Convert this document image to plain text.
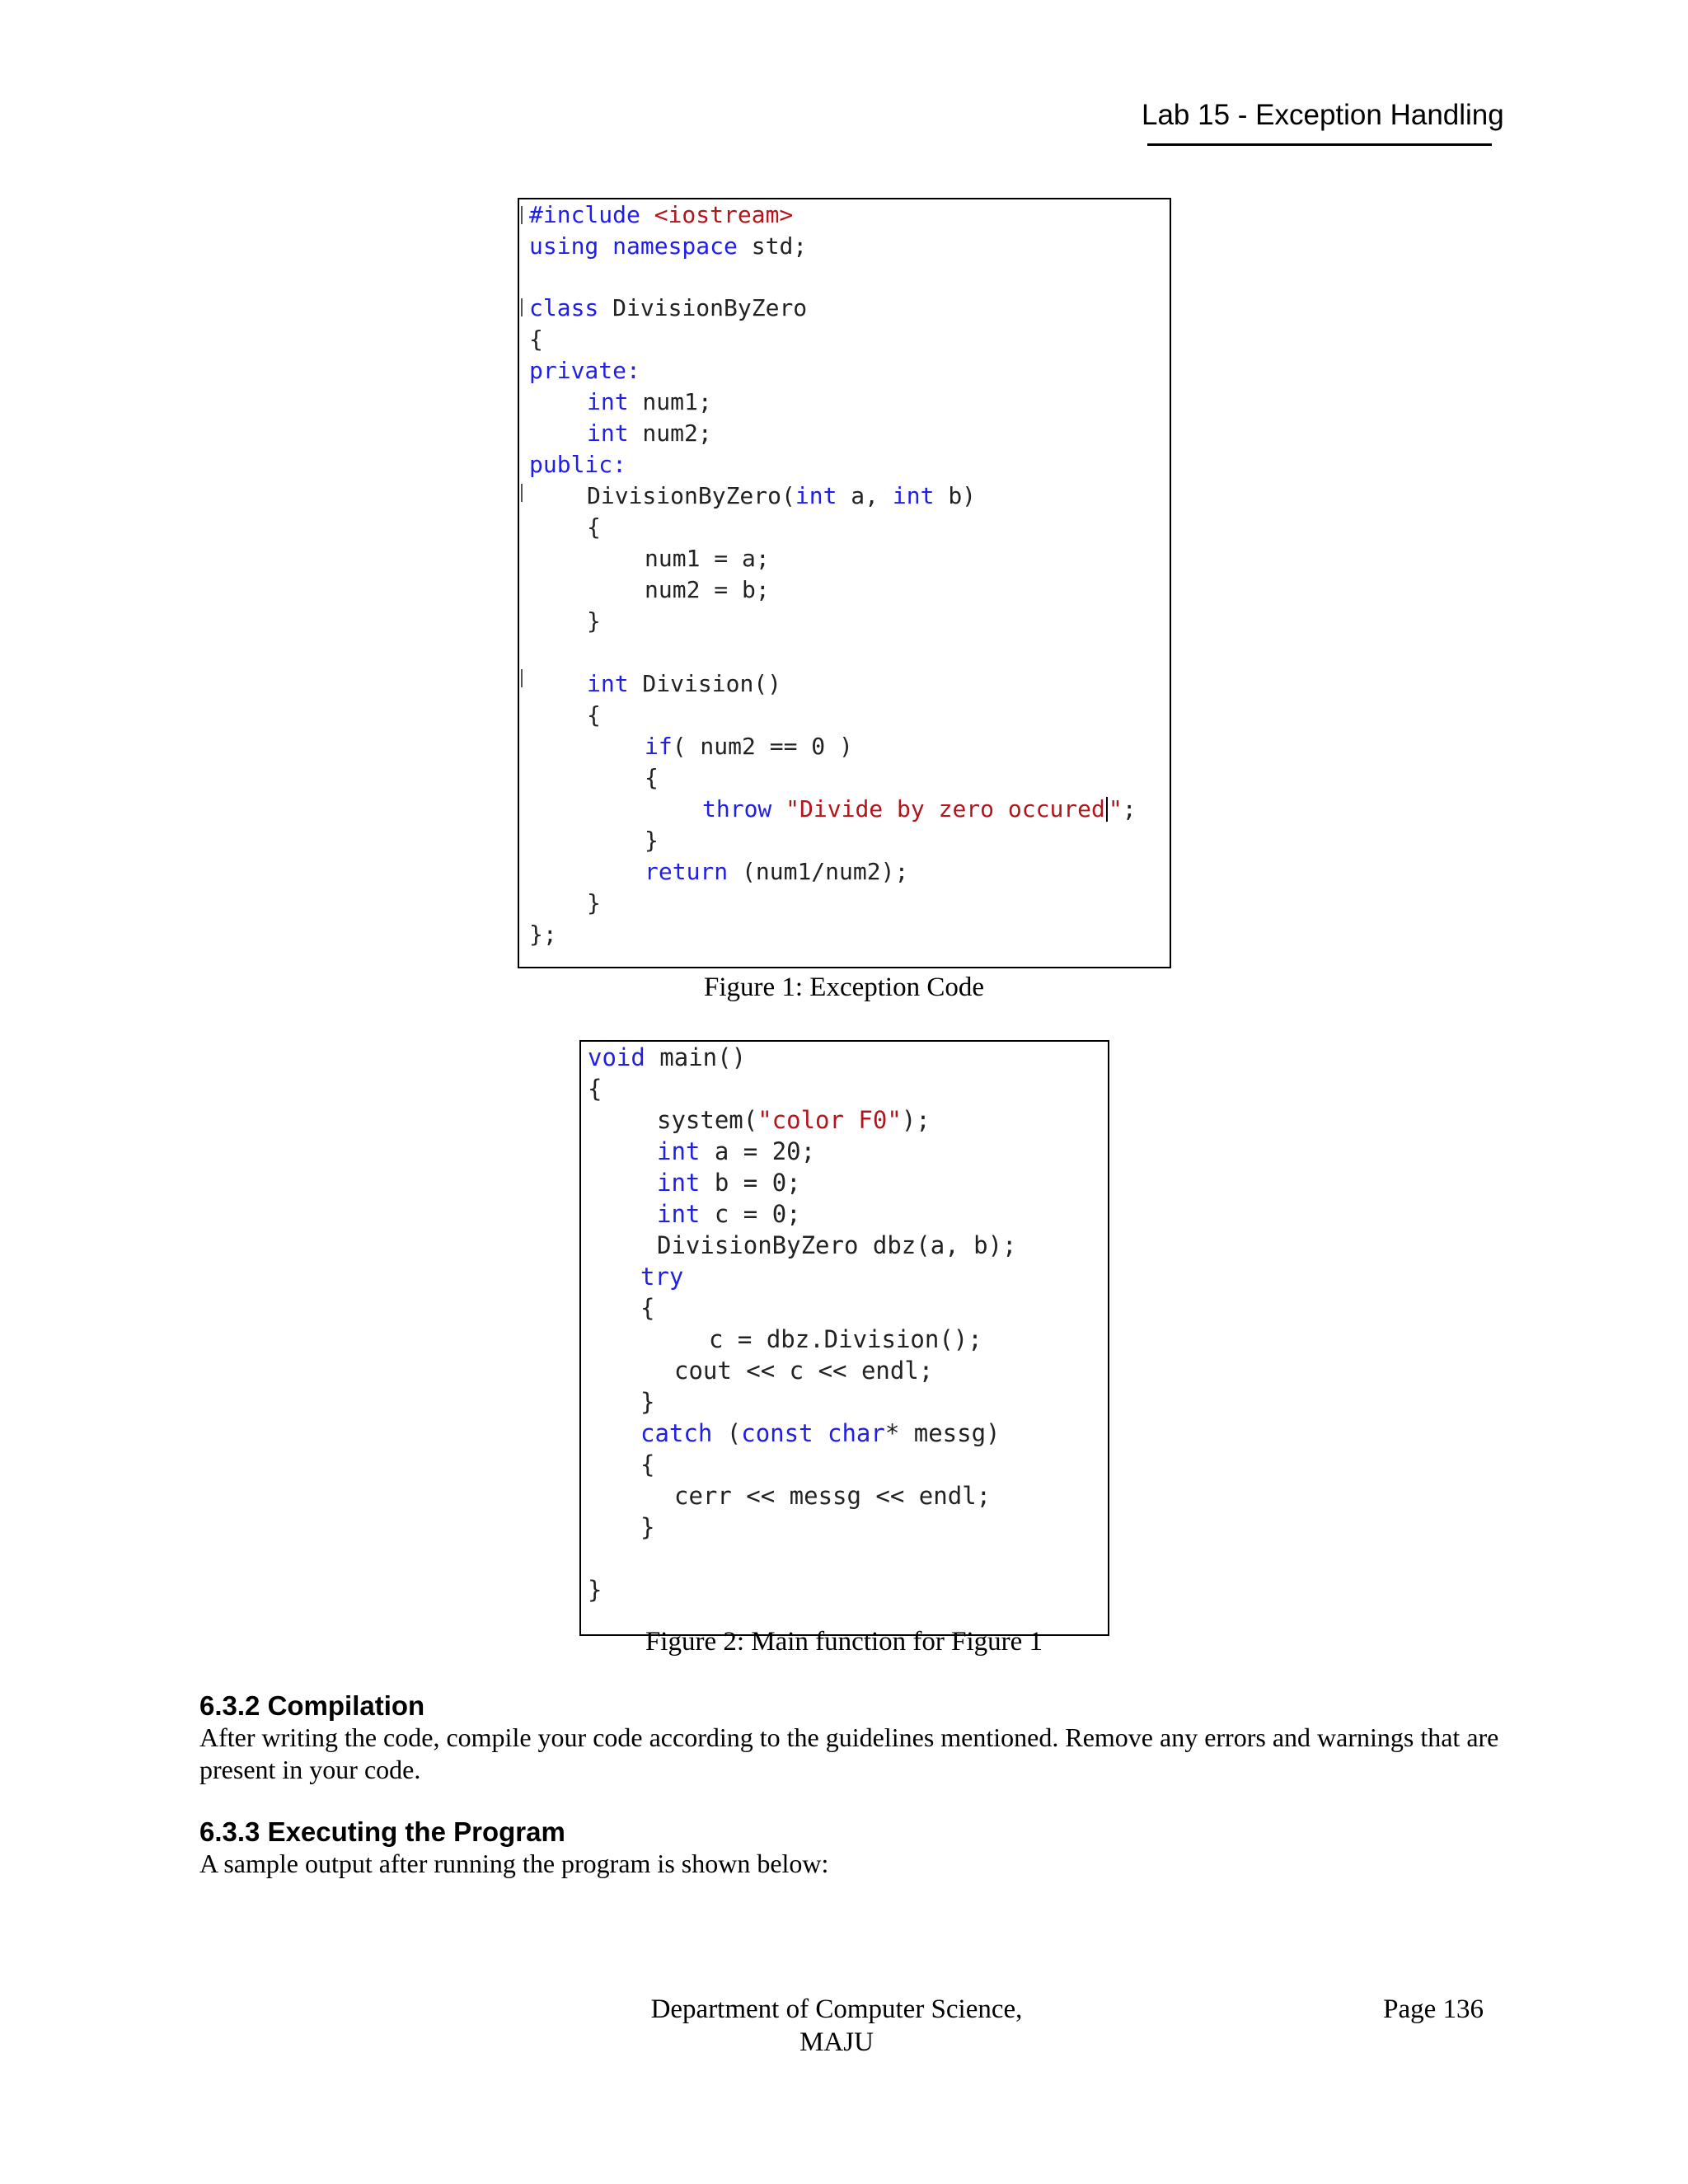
Lab 15 - Exception Handling
#include <iostream>
using namespace std;
class DivisionByZero
{
private:
int num1;
int num2;
public:
DivisionByZero(int a, int b)
{
num1 = a;
num2 = b;
}
int Division()
{
if( num2 == 0 )
{
throw "Divide by zero occured ";
}
return (num1/num2);
}
};
Figure 1: Exception Code
void main()
{
system("color F0");
int a = 20;
int b = 0;
int c = 0;
DivisionByZero dbz(a, b);
try
{
c = dbz.Division();
cout << c << endl;
}
catch (const char* messg)
{
cerr << messg << endl;
}
}
Figure 2: Main function for Figure 1
6.3.2 Compilation
After writing the code, compile your code according to the guidelines mentioned. Remove any errors and warnings that are present in your code.
6.3.3 Executing the Program
A sample output after running the program is shown below:
Department of Computer Science,
MAJU
Page 136
